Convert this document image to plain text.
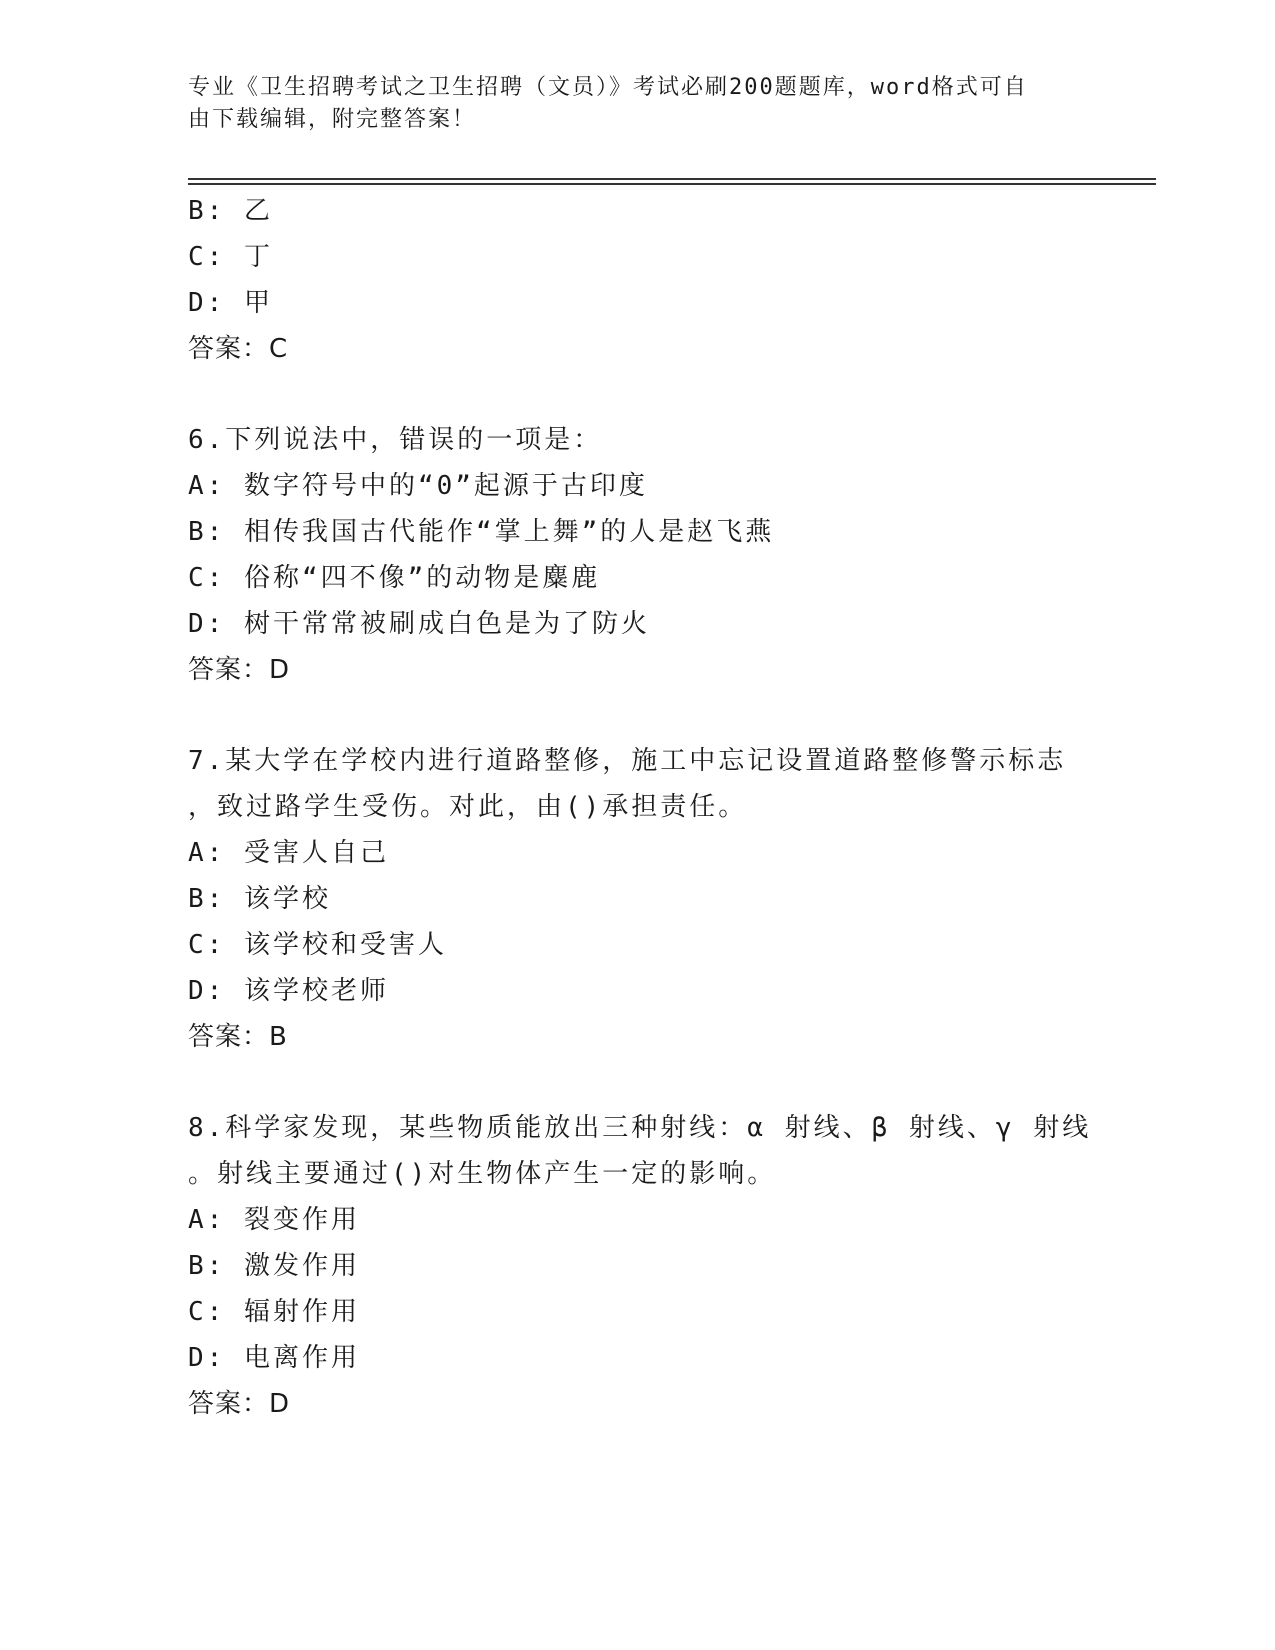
专业《卫生招聘考试之卫生招聘（文员）》考试必刷200题题库，word格式可自
由下载编辑，附完整答案！
B: 乙
C: 丁
D: 甲
答案：C
6.下列说法中，错误的一项是：
A: 数字符号中的“0”起源于古印度
B: 相传我国古代能作“掌上舞”的人是赵飞燕
C: 俗称“四不像”的动物是麋鹿
D: 树干常常被刷成白色是为了防火
答案：D
7.某大学在学校内进行道路整修，施工中忘记设置道路整修警示标志
，致过路学生受伤。对此，由()承担责任。
A: 受害人自己
B: 该学校
C: 该学校和受害人
D: 该学校老师
答案：B
8.科学家发现，某些物质能放出三种射线：α 射线、β 射线、γ 射线
。射线主要通过()对生物体产生一定的影响。
A: 裂变作用
B: 激发作用
C: 辐射作用
D: 电离作用
答案：D
